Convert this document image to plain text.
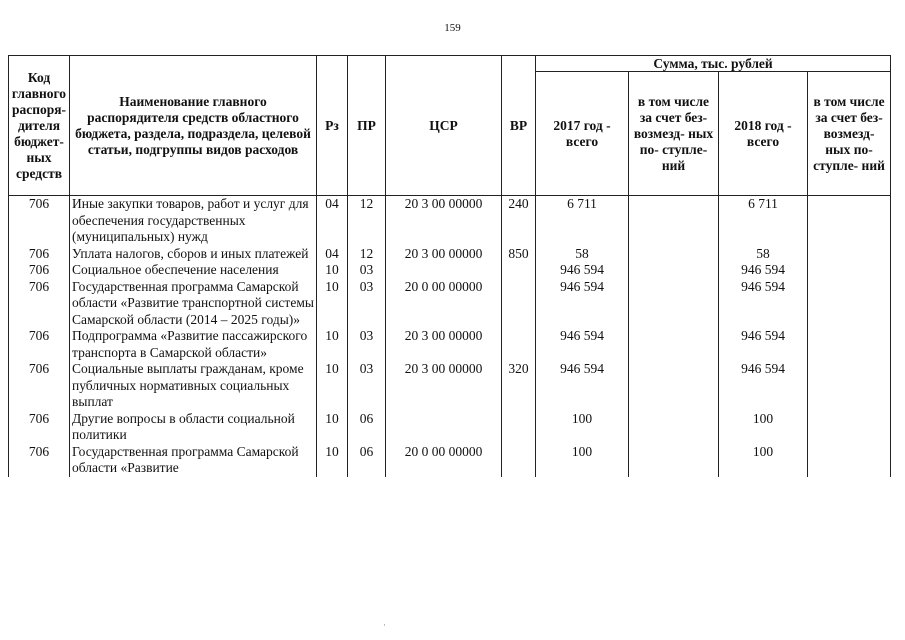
159
Код главного распоря- дителя бюджет- ных средств	Наименование главного распорядителя средств областного бюджета, раздела, подраздела, целевой статьи, подгруппы видов расходов	Рз	ПР	ЦСР	ВР	Сумма, тыс. рублей			
						2017 год - всего	в том числе за счет без- возмезд- ных по- ступле- ний	2018 год - всего	в том числе за счет без- возмезд- ных по- ступле- ний
706	Иные закупки товаров, работ и услуг для обеспечения государственных (муниципальных) нужд	04	12	20 3 00 00000	240	6 711		6 711	
706	Уплата налогов, сборов и иных платежей	04	12	20 3 00 00000	850	58		58	
706	Социальное обеспечение населения	10	03			946 594		946 594	
706	Государственная программа Самарской области «Развитие транспортной системы Самарской области (2014 – 2025 годы)»	10	03	20 0 00 00000		946 594		946 594	
706	Подпрограмма «Развитие пассажирского транспорта в Самарской области»	10	03	20 3 00 00000		946 594		946 594	
706	Социальные выплаты гражданам, кроме публичных нормативных социальных выплат	10	03	20 3 00 00000	320	946 594		946 594	
706	Другие вопросы в области социальной политики	10	06			100		100	
706	Государственная программа Самарской области «Развитие	10	06	20 0 00 00000		100		100	
·
